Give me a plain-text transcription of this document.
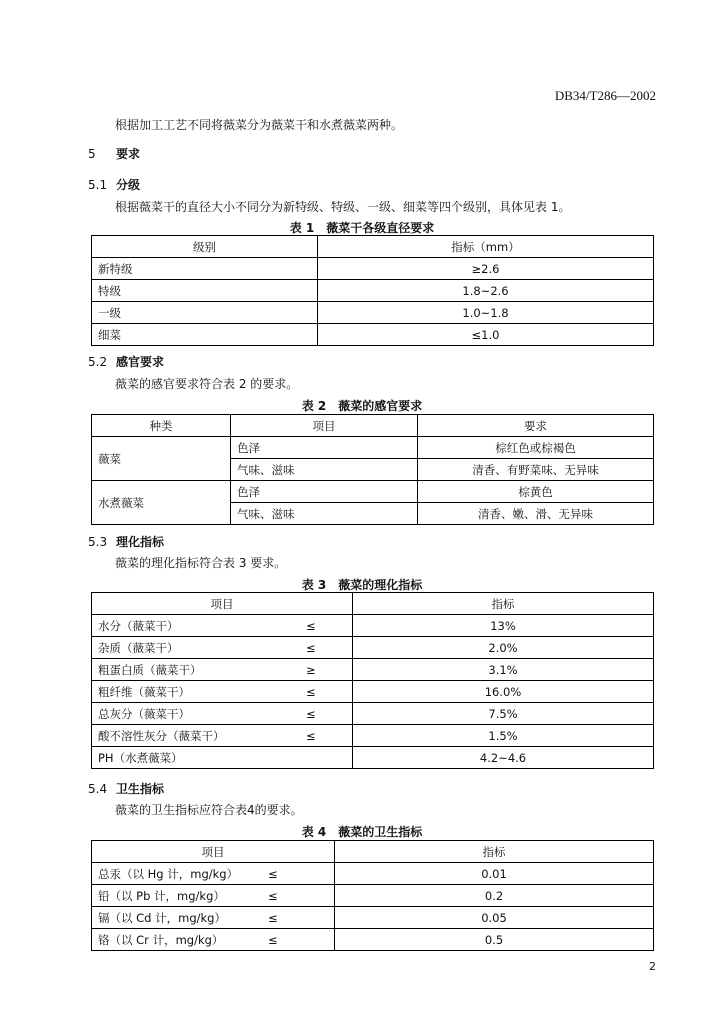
DB34/T286—2002
根据加工工艺不同将薇菜分为薇菜干和水煮薇菜两种。
5 要求
5.1 分级
根据薇菜干的直径大小不同分为新特级、特级、一级、细菜等四个级别，具体见表 1。
表 1　薇菜干各级直径要求
级别	指标（mm）
新特级	≥2.6
特级	1.8~2.6
一级	1.0~1.8
细菜	≤1.0
5.2 感官要求
薇菜的感官要求符合表 2 的要求。
表 2　薇菜的感官要求
种类	项目	要求
薇菜	色泽	棕红色或棕褐色
	气味、滋味	清香、有野菜味、无异味
水煮薇菜	色泽	棕黄色
	气味、滋味	清香、嫩、滑、无异味
5.3 理化指标
薇菜的理化指标符合表 3 要求。
表 3　薇菜的理化指标
项目		指标
水分（薇菜干）	≤	13%
杂质（薇菜干）	≤	2.0%
粗蛋白质（薇菜干）	≥	3.1%
粗纤维（薇菜干）	≤	16.0%
总灰分（薇菜干）	≤	7.5%
酸不溶性灰分（薇菜干）	≤	1.5%
PH（水煮薇菜）		4.2~4.6
5.4 卫生指标
薇菜的卫生指标应符合表4的要求。
表 4　薇菜的卫生指标
项目		指标
总汞（以 Hg 计，mg/kg）	≤	0.01
铅（以 Pb 计，mg/kg）	≤	0.2
镉（以 Cd 计，mg/kg）	≤	0.05
铬（以 Cr 计，mg/kg）	≤	0.5
2
